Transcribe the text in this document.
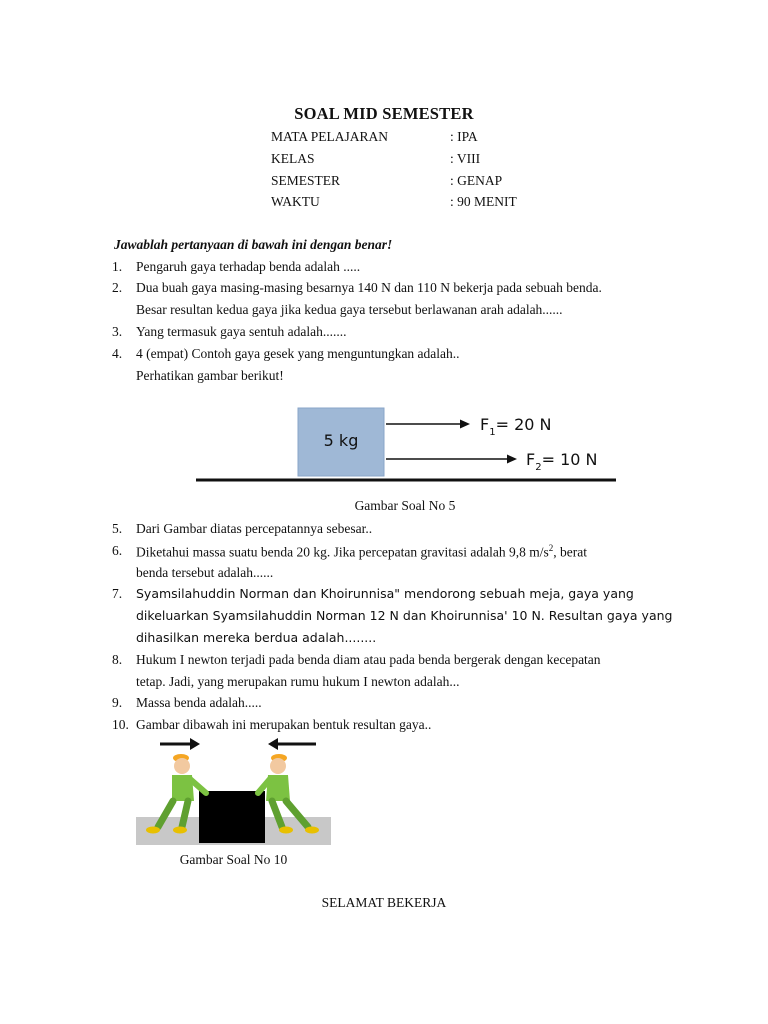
SOAL MID SEMESTER
MATA PELAJARAN	: IPA
KELAS	: VIII
SEMESTER	: GENAP
WAKTU	: 90 MENIT
Jawablah pertanyaan di bawah ini dengan benar!
1.	Pengaruh gaya terhadap benda adalah .....
2.	Dua buah gaya masing-masing besarnya 140 N dan 110 N bekerja pada sebuah benda.
Besar resultan kedua gaya jika kedua gaya tersebut berlawanan arah adalah......
3.	Yang termasuk gaya sentuh adalah.......
4.	4 (empat) Contoh gaya gesek yang menguntungkan adalah..
Perhatikan gambar berikut!
5 kg
$F_1= 20$ N
$F_2= 10$ N
Gambar Soal No 5
5.	Dari Gambar diatas percepatannya sebesar..
6.	Diketahui massa suatu benda 20 kg. Jika percepatan gravitasi adalah 9,8 $m/s^2$, berat
benda tersebut adalah......
7.	Syamsilahuddin Norman dan Khoirunnisa" mendorong sebuah meja, gaya yang
dikeluarkan Syamsilahuddin Norman 12 N dan Khoirunnisa' 10 N. Resultan gaya yang
dihasilkan mereka berdua adalah........
8.	Hukum I newton terjadi pada benda diam atau pada benda bergerak dengan kecepatan
tetap. Jadi, yang merupakan rumu hukum I newton adalah...
9.	Massa benda adalah.....
10. Gambar dibawah ini merupakan bentuk resultan gaya..
Gambar Soal No 10
SELAMAT BEKERJA
